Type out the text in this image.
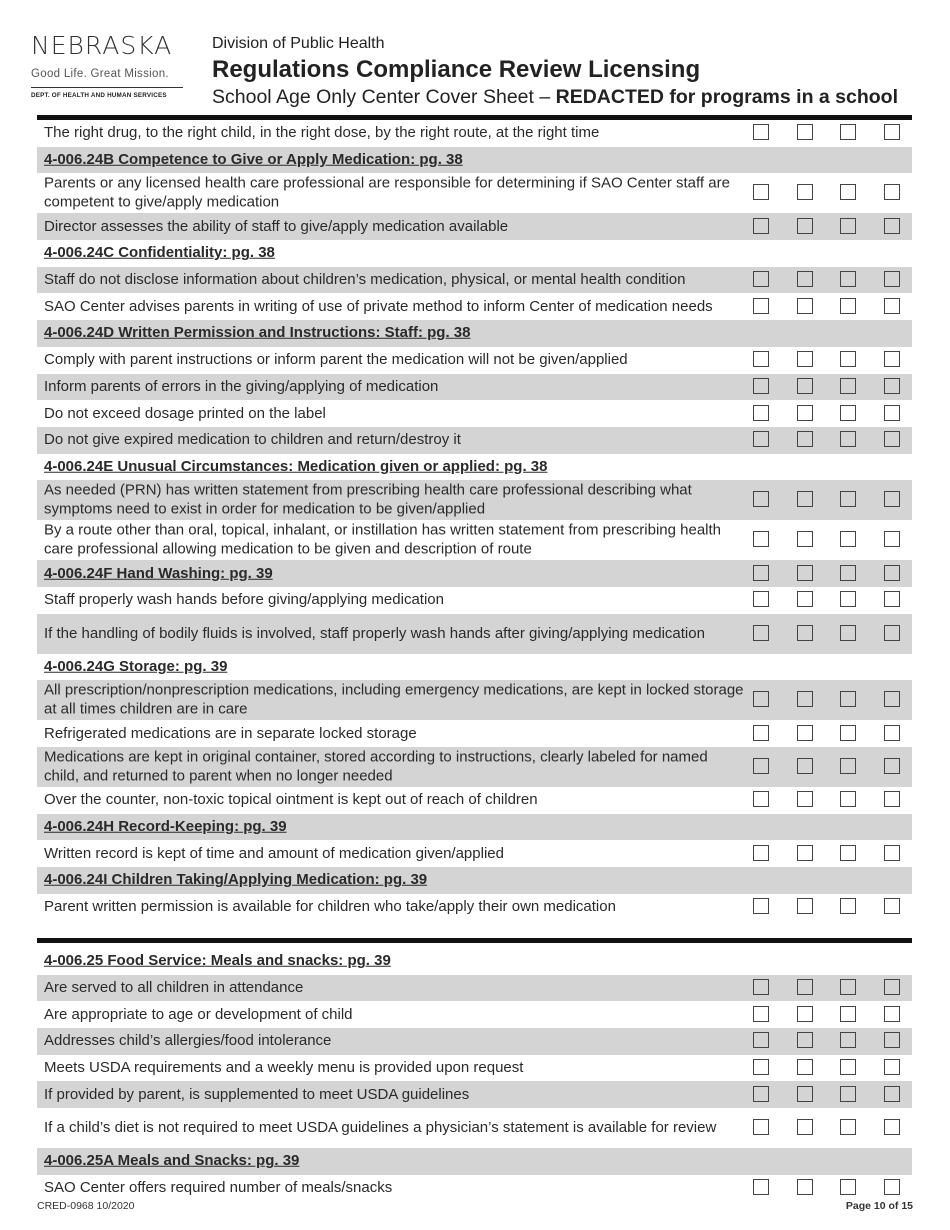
NEBRASKA
Good Life. Great Mission.
DEPT. OF HEALTH AND HUMAN SERVICES
Division of Public Health
Regulations Compliance Review Licensing
School Age Only Center Cover Sheet – REDACTED for programs in a school
The right drug, to the right child, in the right dose, by the right route, at the right time
4-006.24B Competence to Give or Apply Medication: pg. 38
Parents or any licensed health care professional are responsible for determining if SAO Center staff are competent to give/apply medication
Director assesses the ability of staff to give/apply medication available
4-006.24C Confidentiality: pg. 38
Staff do not disclose information about children’s medication, physical, or mental health condition
SAO Center advises parents in writing of use of private method to inform Center of medication needs
4-006.24D Written Permission and Instructions: Staff: pg. 38
Comply with parent instructions or inform parent the medication will not be given/applied
Inform parents of errors in the giving/applying of medication
Do not exceed dosage printed on the label
Do not give expired medication to children and return/destroy it
4-006.24E Unusual Circumstances: Medication given or applied: pg. 38
As needed (PRN) has written statement from prescribing health care professional describing what symptoms need to exist in order for medication to be given/applied
By a route other than oral, topical, inhalant, or instillation has written statement from prescribing health care professional allowing medication to be given and description of route
4-006.24F Hand Washing: pg. 39
Staff properly wash hands before giving/applying medication
If the handling of bodily fluids is involved, staff properly wash hands after giving/applying medication
4-006.24G Storage: pg. 39
All prescription/nonprescription medications, including emergency medications, are kept in locked storage at all times children are in care
Refrigerated medications are in separate locked storage
Medications are kept in original container, stored according to instructions, clearly labeled for named child, and returned to parent when no longer needed
Over the counter, non-toxic topical ointment is kept out of reach of children
4-006.24H Record-Keeping: pg. 39
Written record is kept of time and amount of medication given/applied
4-006.24I Children Taking/Applying Medication: pg. 39
Parent written permission is available for children who take/apply their own medication
4-006.25 Food Service: Meals and snacks: pg. 39
Are served to all children in attendance
Are appropriate to age or development of child
Addresses child’s allergies/food intolerance
Meets USDA requirements and a weekly menu is provided upon request
If provided by parent, is supplemented to meet USDA guidelines
If a child’s diet is not required to meet USDA guidelines a physician’s statement is available for review
4-006.25A Meals and Snacks: pg. 39
SAO Center offers required number of meals/snacks
CRED-0968 10/2020	Page 10 of 15
